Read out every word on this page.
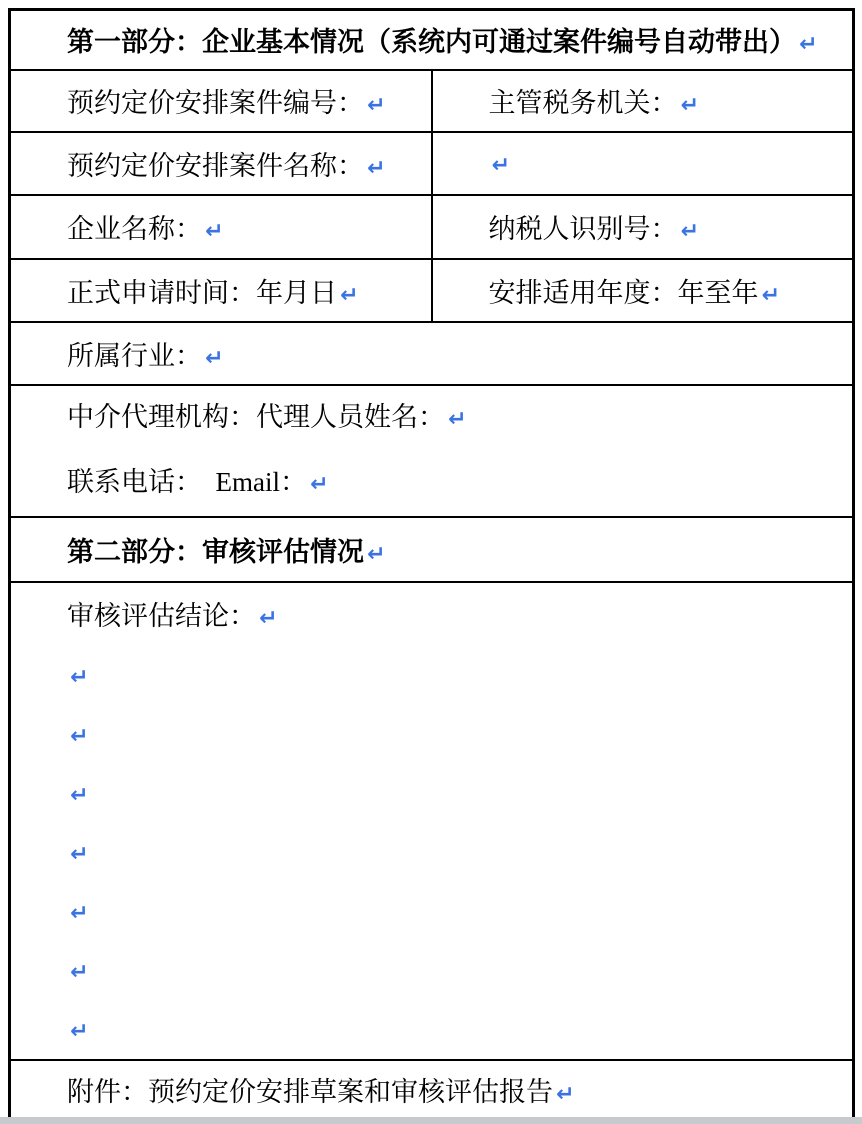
第一部分：企业基本情况（系统内可通过案件编号自动带出） ↵	
预约定价安排案件编号： ↵	主管税务机关： ↵
预约定价安排案件名称： ↵	↵
企业名称： ↵	纳税人识别号： ↵
正式申请时间：年月日 ↵	安排适用年度：年至年 ↵
所属行业： ↵	

中介代理机构：代理人员姓名： ↵
联系电话：　Email： ↵	

第二部分：审核评估情况 ↵	

审核评估结论： ↵
↵
↵
↵
↵
↵
↵
↵

附件：预约定价安排草案和审核评估报告 ↵	
